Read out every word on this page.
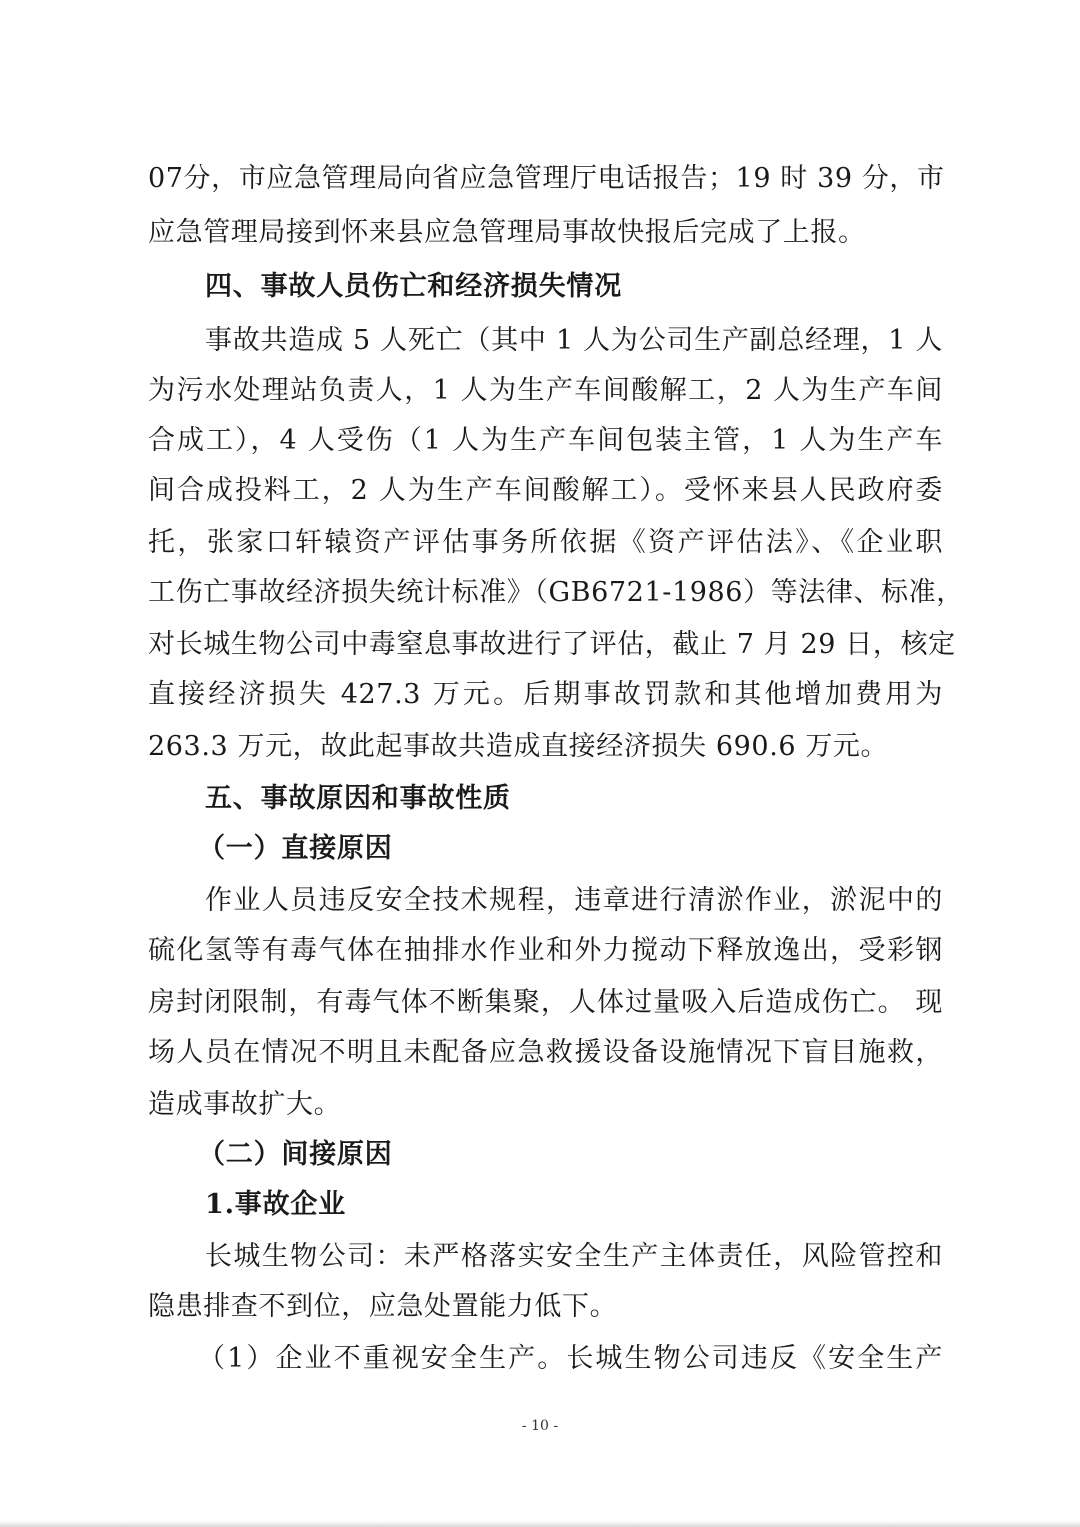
07分，市应急管理局向省应急管理厅电话报告；19 时 39 分，市
应急管理局接到怀来县应急管理局事故快报后完成了上报。
四、事故人员伤亡和经济损失情况
事故共造成 5 人死亡（其中 1 人为公司生产副总经理，1 人
为污水处理站负责人，1 人为生产车间酸解工，2 人为生产车间
合成工），4 人受伤（1 人为生产车间包装主管，1 人为生产车
间合成投料工，2 人为生产车间酸解工）。受怀来县人民政府委
托，张家口轩辕资产评估事务所依据《资产评估法》、《企业职
工伤亡事故经济损失统计标准》（GB6721-1986）等法律、标准，
对长城生物公司中毒窒息事故进行了评估，截止 7 月 29 日，核定
直接经济损失 427.3 万元。后期事故罚款和其他增加费用为
263.3 万元，故此起事故共造成直接经济损失 690.6 万元。
五、事故原因和事故性质
（一）直接原因
作业人员违反安全技术规程，违章进行清淤作业，淤泥中的
硫化氢等有毒气体在抽排水作业和外力搅动下释放逸出，受彩钢
房封闭限制，有毒气体不断集聚，人体过量吸入后造成伤亡。 现
场人员在情况不明且未配备应急救援设备设施情况下盲目施救，
造成事故扩大。
（二）间接原因
1.事故企业
长城生物公司：未严格落实安全生产主体责任，风险管控和
隐患排查不到位，应急处置能力低下。
（1）企业不重视安全生产。长城生物公司违反《安全生产
- 10 -
